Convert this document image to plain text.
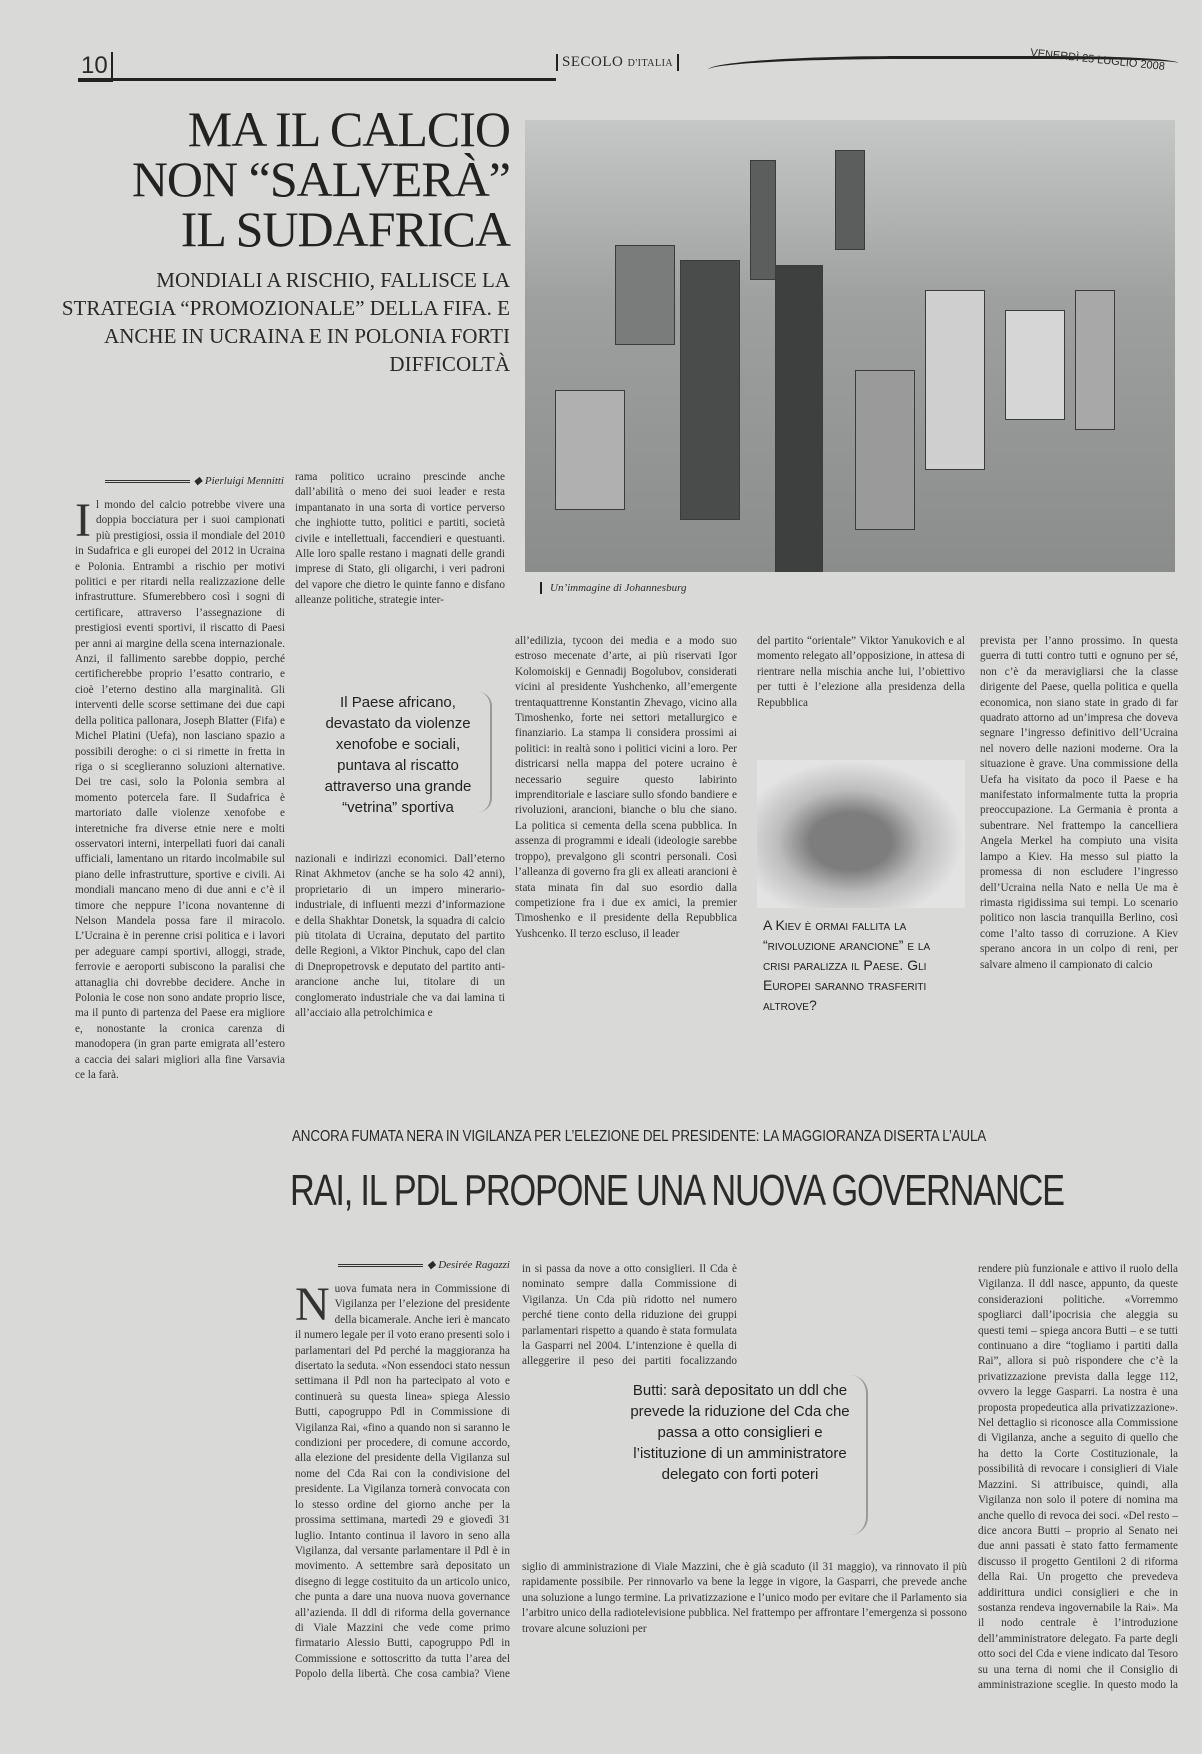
10	SECOLO D'ITALIA	VENERDÌ 25 LUGLIO 2008
MA IL CALCIO
NON “SALVERÀ”
IL SUDAFRICA
MONDIALI A RISCHIO, FALLISCE LA STRATEGIA “PROMOZIONALE” DELLA FIFA. E ANCHE IN UCRAINA E IN POLONIA FORTI DIFFICOLTÀ
Un’immagine di Johannesburg
◆ Pierluigi Mennitti
Il mondo del calcio potrebbe vivere una doppia bocciatura per i suoi campionati più prestigiosi, ossia il mondiale del 2010 in Sudafrica e gli europei del 2012 in Ucraina e Polonia. Entrambi a rischio per motivi politici e per ritardi nella realizzazione delle infrastrutture. Sfumerebbero così i sogni di certificare, attraverso l’assegnazione di prestigiosi eventi sportivi, il riscatto di Paesi per anni ai margine della scena internazionale. Anzi, il fallimento sarebbe doppio, perché certificherebbe proprio l’esatto contrario, e cioè l’eterno destino alla marginalità. Gli interventi delle scorse settimane dei due capi della politica pallonara, Joseph Blatter (Fifa) e Michel Platini (Uefa), non lasciano spazio a possibili deroghe: o ci si rimette in fretta in riga o si sceglieranno soluzioni alternative. Dei tre casi, solo la Polonia sembra al momento potercela fare. Il Sudafrica è martoriato dalle violenze xenofobe e interetniche fra diverse etnie nere e molti osservatori interni, interpellati fuori dai canali ufficiali, lamentano un ritardo incolmabile sul piano delle infrastrutture, sportive e civili. Ai mondiali mancano meno di due anni e c’è il timore che neppure l’icona novantenne di Nelson Mandela possa fare il miracolo. L’Ucraina è in perenne crisi politica e i lavori per adeguare campi sportivi, alloggi, strade, ferrovie e aeroporti subiscono la paralisi che attanaglia chi dovrebbe decidere. Anche in Polonia le cose non sono andate proprio lisce, ma il punto di partenza del Paese era migliore e, nonostante la cronica carenza di manodopera (in gran parte emigrata all’estero a caccia dei salari migliori alla fine Varsavia ce la farà.
rama politico ucraino prescinde anche dall’abilità o meno dei suoi leader e resta impantanato in una sorta di vortice perverso che inghiotte tutto, politici e partiti, società civile e intellettuali, faccendieri e questuanti. Alle loro spalle restano i magnati delle grandi imprese di Stato, gli oligarchi, i veri padroni del vapore che dietro le quinte fanno e disfano alleanze politiche, strategie inter-
Il Paese africano, devastato da violenze xenofobe e sociali, puntava al riscatto attraverso una grande “vetrina” sportiva
nazionali e indirizzi economici. Dall’eterno Rinat Akhmetov (anche se ha solo 42 anni), proprietario di un impero minerario-industriale, di influenti mezzi d’informazione e della Shakhtar Donetsk, la squadra di calcio più titolata di Ucraina, deputato del partito delle Regioni, a Viktor Pinchuk, capo del clan di Dnepropetrovsk e deputato del partito anti-arancione anche lui, titolare di un conglomerato industriale che va dai lamina ti all’acciaio alla petrolchimica e
all’edilizia, tycoon dei media e a modo suo estroso mecenate d’arte, ai più riservati Igor Kolomoiskij e Gennadij Bogolubov, considerati vicini al presidente Yushchenko, all’emergente trentaquattrenne Konstantin Zhevago, vicino alla Timoshenko, forte nei settori metallurgico e finanziario. La stampa li considera prossimi ai politici: in realtà sono i politici vicini a loro. Per districarsi nella mappa del potere ucraino è necessario seguire questo labirinto imprenditoriale e lasciare sullo sfondo bandiere e rivoluzioni, arancioni, bianche o blu che siano. La politica si cementa della scena pubblica. In assenza di programmi e ideali (ideologie sarebbe troppo), prevalgono gli scontri personali. Così l’alleanza di governo fra gli ex alleati arancioni è stata minata fin dal suo esordio dalla competizione fra i due ex amici, la premier Timoshenko e il presidente della Repubblica Yushcenko. Il terzo escluso, il leader
del partito “orientale” Viktor Yanukovich e al momento relegato all’opposizione, in attesa di rientrare nella mischia anche lui, l’obiettivo per tutti è l’elezione alla presidenza della Repubblica
A Kiev è ormai fallita la “rivoluzione arancione” e la crisi paralizza il Paese. Gli Europei saranno trasferiti altrove?
prevista per l’anno prossimo. In questa guerra di tutti contro tutti e ognuno per sé, non c’è da meravigliarsi che la classe dirigente del Paese, quella politica e quella economica, non siano state in grado di far quadrato attorno ad un’impresa che doveva segnare l’ingresso definitivo dell’Ucraina nel novero delle nazioni moderne. Ora la situazione è grave. Una commissione della Uefa ha visitato da poco il Paese e ha manifestato informalmente tutta la propria preoccupazione. La Germania è pronta a subentrare. Nel frattempo la cancelliera Angela Merkel ha compiuto una visita lampo a Kiev. Ha messo sul piatto la promessa di non escludere l’ingresso dell’Ucraina nella Nato e nella Ue ma è rimasta rigidissima sui tempi. Lo scenario politico non lascia tranquilla Berlino, così come l’alto tasso di corruzione. A Kiev sperano ancora in un colpo di reni, per salvare almeno il campionato di calcio
ANCORA FUMATA NERA IN VIGILANZA PER L’ELEZIONE DEL PRESIDENTE: LA MAGGIORANZA DISERTA L’AULA
RAI, IL PDL PROPONE UNA NUOVA GOVERNANCE
◆ Desirée Ragazzi
Nuova fumata nera in Commissione di Vigilanza per l’elezione del presidente della bicamerale. Anche ieri è mancato il numero legale per il voto erano presenti solo i parlamentari del Pd perché la maggioranza ha disertato la seduta. «Non essendoci stato nessun settimana il Pdl non ha partecipato al voto e continuerà su questa linea» spiega Alessio Butti, capogruppo Pdl in Commissione di Vigilanza Rai, «fino a quando non si saranno le condizioni per procedere, di comune accordo, alla elezione del presidente della Vigilanza sul nome del Cda Rai con la condivisione del presidente. La Vigilanza tornerà convocata con lo stesso ordine del giorno anche per la prossima settimana, martedì 29 e giovedì 31 luglio. Intanto continua il lavoro in seno alla Vigilanza, dal versante parlamentare il Pdl è in movimento. A settembre sarà depositato un disegno di legge costituito da un articolo unico, che punta a dare una nuova nuova governance all’azienda. Il ddl di riforma della governance di Viale Mazzini che vede come primo firmatario Alessio Butti, capogruppo Pdl in Commissione e sottoscritto da tutta l’area del Popolo della libertà. Che cosa cambia? Viene
in si passa da nove a otto consiglieri. Il Cda è nominato sempre dalla Commissione di Vigilanza. Un Cda più ridotto nel numero perché tiene conto della riduzione dei gruppi parlamentari rispetto a quando è stata formulata la Gasparri nel 2004. L’intenzione è quella di alleggerire il peso dei partiti focalizzando
Butti: sarà depositato un ddl che prevede la riduzione del Cda che passa a otto consiglieri e l’istituzione di un amministratore delegato con forti poteri
siglio di amministrazione di Viale Mazzini, che è già scaduto (il 31 maggio), va rinnovato il più rapidamente possibile. Per rinnovarlo va bene la legge in vigore, la Gasparri, che prevede anche una soluzione a lungo termine. La privatizzazione e l’unico modo per evitare che il Parlamento sia l’arbitro unico della radiotelevisione pubblica. Nel frattempo per affrontare l’emergenza si possono trovare alcune soluzioni per
rendere più funzionale e attivo il ruolo della Vigilanza. Il ddl nasce, appunto, da queste considerazioni politiche. «Vorremmo spogliarci dall’ipocrisia che aleggia su questi temi – spiega ancora Butti – e se tutti continuano a dire “togliamo i partiti dalla Rai”, allora si può rispondere che c’è la privatizzazione prevista dalla legge 112, ovvero la legge Gasparri. La nostra è una proposta propedeutica alla privatizzazione». Nel dettaglio si riconosce alla Commissione di Vigilanza, anche a seguito di quello che ha detto la Corte Costituzionale, la possibilità di revocare i consiglieri di Viale Mazzini. Si attribuisce, quindi, alla Vigilanza non solo il potere di nomina ma anche quello di revoca dei soci. «Del resto – dice ancora Butti – proprio al Senato nei due anni passati è stato fatto fermamente discusso il progetto Gentiloni 2 di riforma della Rai. Un progetto che prevedeva addirittura undici consiglieri e che in sostanza rendeva ingovernabile la Rai». Ma il nodo centrale è l’introduzione dell’amministratore delegato. Fa parte degli otto soci del Cda e viene indicato dal Tesoro su una terna di nomi che il Consiglio di amministrazione sceglie. In questo modo la
